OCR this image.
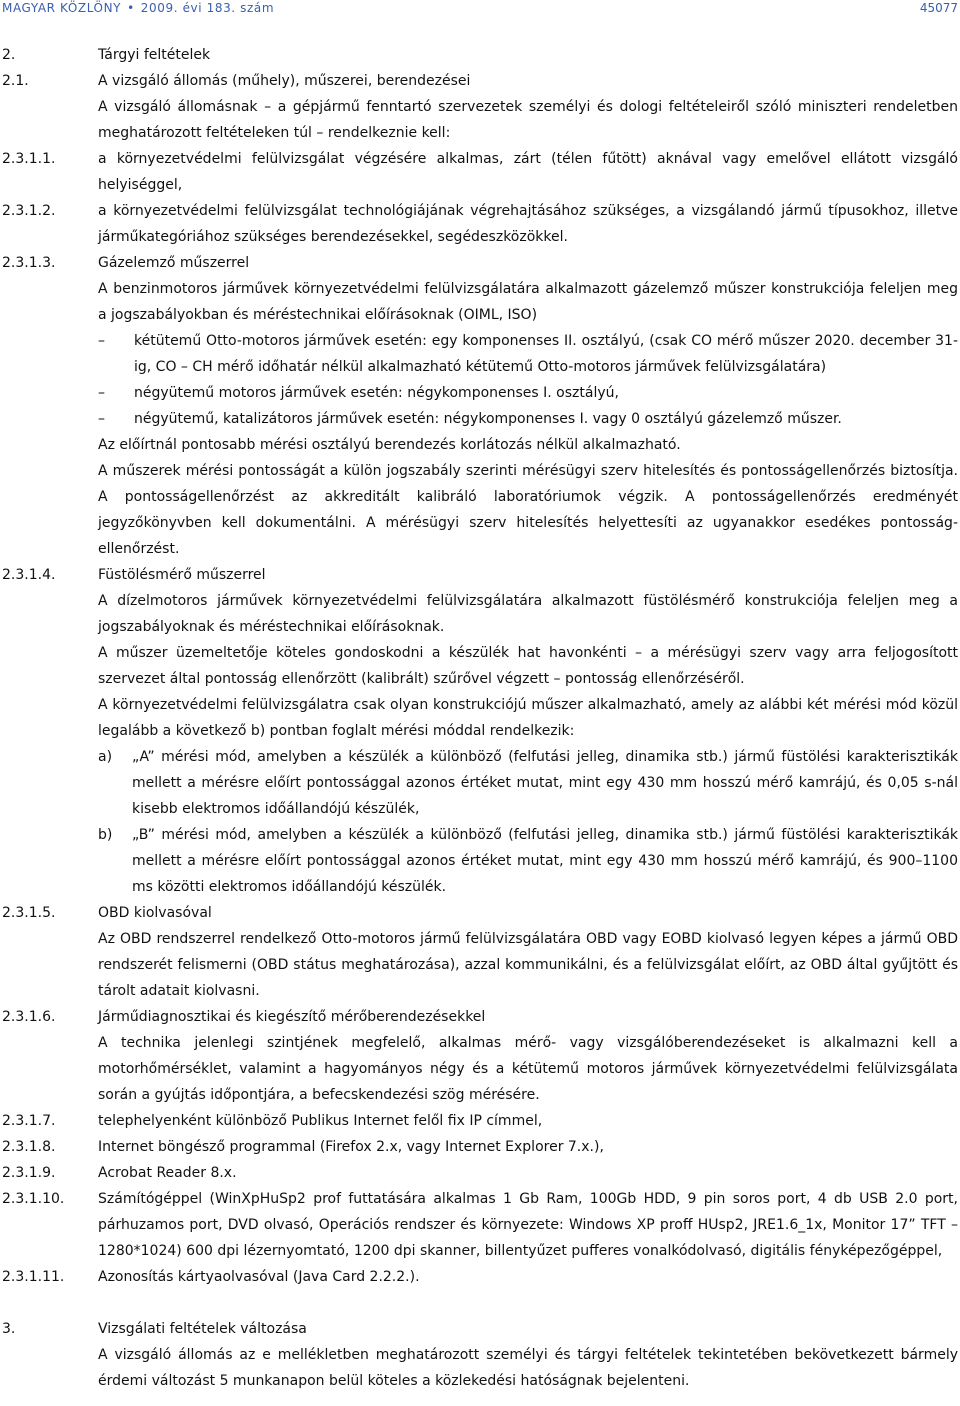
MAGYAR KÖZLÖNY • 2009. évi 183. szám	45077
2.	Tárgyi feltételek
2.1.	A vizsgáló állomás (műhely), műszerei, berendezései
A vizsgáló állomásnak – a gépjármű fenntartó szervezetek személyi és dologi feltételeiről szóló miniszteri rendeletben meghatározott feltételeken túl – rendelkeznie kell:
2.3.1.1.	a környezetvédelmi felülvizsgálat végzésére alkalmas, zárt (télen fűtött) aknával vagy emelővel ellátott vizsgáló helyiséggel,
2.3.1.2.	a környezetvédelmi felülvizsgálat technológiájának végrehajtásához szükséges, a vizsgálandó jármű típusokhoz, illetve járműkategóriához szükséges berendezésekkel, segédeszközökkel.
2.3.1.3.	Gázelemző műszerrel
A benzinmotoros járművek környezetvédelmi felülvizsgálatára alkalmazott gázelemző műszer konstrukciója feleljen meg a jogszabályokban és méréstechnikai előírásoknak (OIML, ISO)
–	kétütemű Otto-motoros járművek esetén: egy komponenses II. osztályú, (csak CO mérő műszer 2020. december 31-ig, CO – CH mérő időhatár nélkül alkalmazható kétütemű Otto-motoros járművek felülvizsgálatára)
–	négyütemű motoros járművek esetén: négykomponenses I. osztályú,
–	négyütemű, katalizátoros járművek esetén: négykomponenses I. vagy 0 osztályú gázelemző műszer.
Az előírtnál pontosabb mérési osztályú berendezés korlátozás nélkül alkalmazható.
A műszerek mérési pontosságát a külön jogszabály szerinti mérésügyi szerv hitelesítés és pontosságellenőrzés biztosítja. A pontosságellenőrzést az akkreditált kalibráló laboratóriumok végzik. A pontosságellenőrzés eredményét jegyzőkönyvben kell dokumentálni. A mérésügyi szerv hitelesítés helyettesíti az ugyanakkor esedékes pontosság-ellenőrzést.
2.3.1.4.	Füstölésmérő műszerrel
A dízelmotoros járművek környezetvédelmi felülvizsgálatára alkalmazott füstölésmérő konstrukciója feleljen meg a jogszabályoknak és méréstechnikai előírásoknak.
A műszer üzemeltetője köteles gondoskodni a készülék hat havonkénti – a mérésügyi szerv vagy arra feljogosított szervezet által pontosság ellenőrzött (kalibrált) szűrővel végzett – pontosság ellenőrzéséről.
A környezetvédelmi felülvizsgálatra csak olyan konstrukciójú műszer alkalmazható, amely az alábbi két mérési mód közül legalább a következő b) pontban foglalt mérési móddal rendelkezik:
a)	„A” mérési mód, amelyben a készülék a különböző (felfutási jelleg, dinamika stb.) jármű füstölési karakterisztikák mellett a mérésre előírt pontossággal azonos értéket mutat, mint egy 430 mm hosszú mérő kamrájú, és 0,05 s-nál kisebb elektromos időállandójú készülék,
b)	„B” mérési mód, amelyben a készülék a különböző (felfutási jelleg, dinamika stb.) jármű füstölési karakterisztikák mellett a mérésre előírt pontossággal azonos értéket mutat, mint egy 430 mm hosszú mérő kamrájú, és 900–1100 ms közötti elektromos időállandójú készülék.
2.3.1.5.	OBD kiolvasóval
Az OBD rendszerrel rendelkező Otto-motoros jármű felülvizsgálatára OBD vagy EOBD kiolvasó legyen képes a jármű OBD rendszerét felismerni (OBD státus meghatározása), azzal kommunikálni, és a felülvizsgálat előírt, az OBD által gyűjtött és tárolt adatait kiolvasni.
2.3.1.6.	Járműdiagnosztikai és kiegészítő mérőberendezésekkel
A technika jelenlegi szintjének megfelelő, alkalmas mérő- vagy vizsgálóberendezéseket is alkalmazni kell a motorhőmérséklet, valamint a hagyományos négy és a kétütemű motoros járművek környezetvédelmi felülvizsgálata során a gyújtás időpontjára, a befecskendezési szög mérésére.
2.3.1.7.	telephelyenként különböző Publikus Internet felől fix IP címmel,
2.3.1.8.	Internet böngésző programmal (Firefox 2.x, vagy Internet Explorer 7.x.),
2.3.1.9.	Acrobat Reader 8.x.
2.3.1.10.	Számítógéppel (WinXpHuSp2 prof futtatására alkalmas 1 Gb Ram, 100Gb HDD, 9 pin soros port, 4 db USB 2.0 port, párhuzamos port, DVD olvasó, Operációs rendszer és környezete: Windows XP proff HUsp2, JRE1.6_1x, Monitor 17” TFT – 1280*1024) 600 dpi lézernyomtató, 1200 dpi skanner, billentyűzet pufferes vonalkódolvasó, digitális fényképezőgéppel,
2.3.1.11.	Azonosítás kártyaolvasóval (Java Card 2.2.2.).
3.	Vizsgálati feltételek változása
A vizsgáló állomás az e mellékletben meghatározott személyi és tárgyi feltételek tekintetében bekövetkezett bármely érdemi változást 5 munkanapon belül köteles a közlekedési hatóságnak bejelenteni.
